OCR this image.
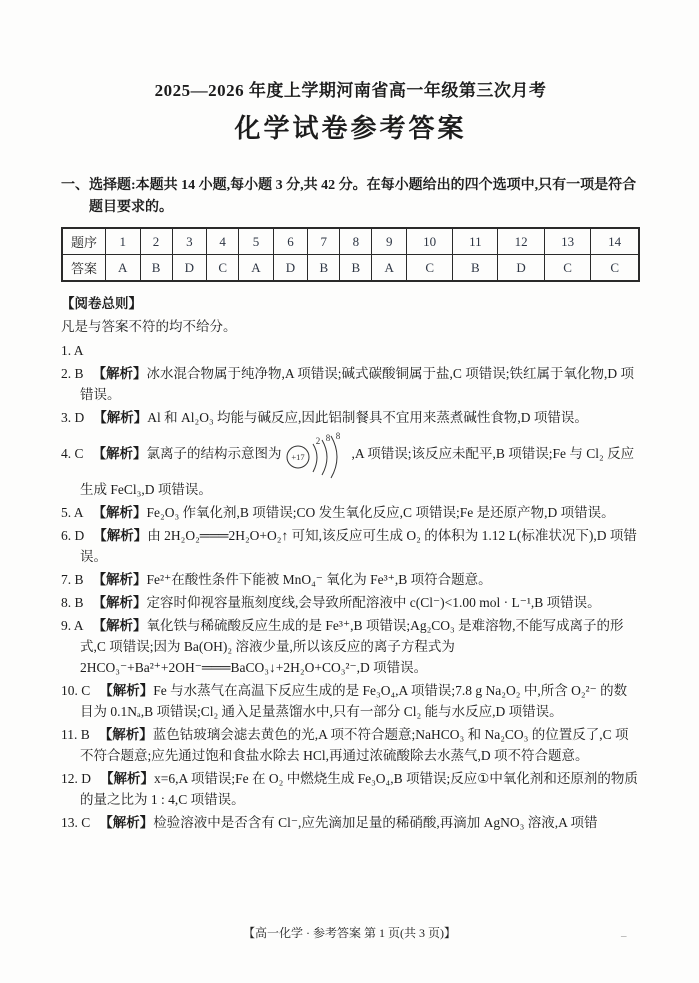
2025—2026 年度上学期河南省高一年级第三次月考
化学试卷参考答案
一、选择题:本题共 14 小题,每小题 3 分,共 42 分。在每小题给出的四个选项中,只有一项是符合题目要求的。
题序	1	2	3	4	5	6	7	8	9	10	11	12	13	14
答案	A	B	D	C	A	D	B	B	A	C	B	D	C	C
【阅卷总则】
凡是与答案不符的均不给分。
1. A
2. B 【解析】冰水混合物属于纯净物,A 项错误;碱式碳酸铜属于盐,C 项错误;铁红属于氧化物,D 项错误。
3. D 【解析】Al 和 Al₂O₃ 均能与碱反应,因此铝制餐具不宜用来蒸煮碱性食物,D 项错误。
4. C 【解析】氯离子的结构示意图为 +17
2 8 8
,A 项错误;该反应未配平,B 项错误;Fe 与 Cl₂ 反应生成 FeCl₃,D 项错误。
5. A 【解析】Fe₂O₃ 作氧化剂,B 项错误;CO 发生氧化反应,C 项错误;Fe 是还原产物,D 项错误。
6. D 【解析】由 2H₂O₂═══2H₂O+O₂↑ 可知,该反应可生成 O₂ 的体积为 1.12 L(标准状况下),D 项错误。
7. B 【解析】Fe²⁺在酸性条件下能被 MnO₄⁻ 氧化为 Fe³⁺,B 项符合题意。
8. B 【解析】定容时仰视容量瓶刻度线,会导致所配溶液中 c(Cl⁻)<1.00 mol · L⁻¹,B 项错误。
9. A 【解析】氧化铁与稀硫酸反应生成的是 Fe³⁺,B 项错误;Ag₂CO₃ 是难溶物,不能写成离子的形式,C 项错误;因为 Ba(OH)₂ 溶液少量,所以该反应的离子方程式为 2HCO₃⁻+Ba²⁺+2OH⁻═══BaCO₃↓+2H₂O+CO₃²⁻,D 项错误。
10. C 【解析】Fe 与水蒸气在高温下反应生成的是 Fe₃O₄,A 项错误;7.8 g Na₂O₂ 中,所含 O₂²⁻ 的数目为 0.1Nₐ,B 项错误;Cl₂ 通入足量蒸馏水中,只有一部分 Cl₂ 能与水反应,D 项错误。
11. B 【解析】蓝色钴玻璃会滤去黄色的光,A 项不符合题意;NaHCO₃ 和 Na₂CO₃ 的位置反了,C 项不符合题意;应先通过饱和食盐水除去 HCl,再通过浓硫酸除去水蒸气,D 项不符合题意。
12. D 【解析】x=6,A 项错误;Fe 在 O₂ 中燃烧生成 Fe₃O₄,B 项错误;反应①中氧化剂和还原剂的物质的量之比为 1 : 4,C 项错误。
13. C 【解析】检验溶液中是否含有 Cl⁻,应先滴加足量的稀硝酸,再滴加 AgNO₃ 溶液,A 项错
【高一化学 · 参考答案 第 1 页(共 3 页)】	–
